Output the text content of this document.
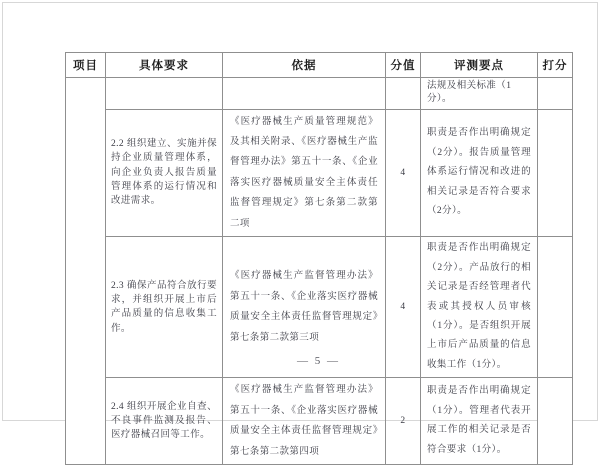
项目	具体要求	依据	分值	评测要点	打分
				法规及相关标准（1分）。	
	2.2 组织建立、实施并保持企业质量管理体系，向企业负责人报告质量管理体系的运行情况和改进需求。	《医疗器械生产质量管理规范》及其相关附录、《医疗器械生产监督管理办法》第五十一条、《企业落实医疗器械质量安全主体责任监督管理规定》第七条第二款第二项	4	职责是否作出明确规定（2分）。报告质量管理体系运行情况和改进的相关记录是否符合要求（2分）。	
	2.3 确保产品符合放行要求，并组织开展上市后产品质量的信息收集工作。	《医疗器械生产监督管理办法》第五十一条、《企业落实医疗器械质量安全主体责任监督管理规定》第七条第二款第三项	4	职责是否作出明确规定（2分）。产品放行的相关记录是否经管理者代表或其授权人员审核（1分）。是否组织开展上市后产品质量的信息收集工作（1分）。	
	2.4 组织开展企业自查、不良事件监测及报告、医疗器械召回等工作。	《医疗器械生产监督管理办法》第五十一条、《企业落实医疗器械质量安全主体责任监督管理规定》第七条第二款第四项	2	职责是否作出明确规定（1分）。管理者代表开展工作的相关记录是否符合要求（1分）。	
— 5 —
